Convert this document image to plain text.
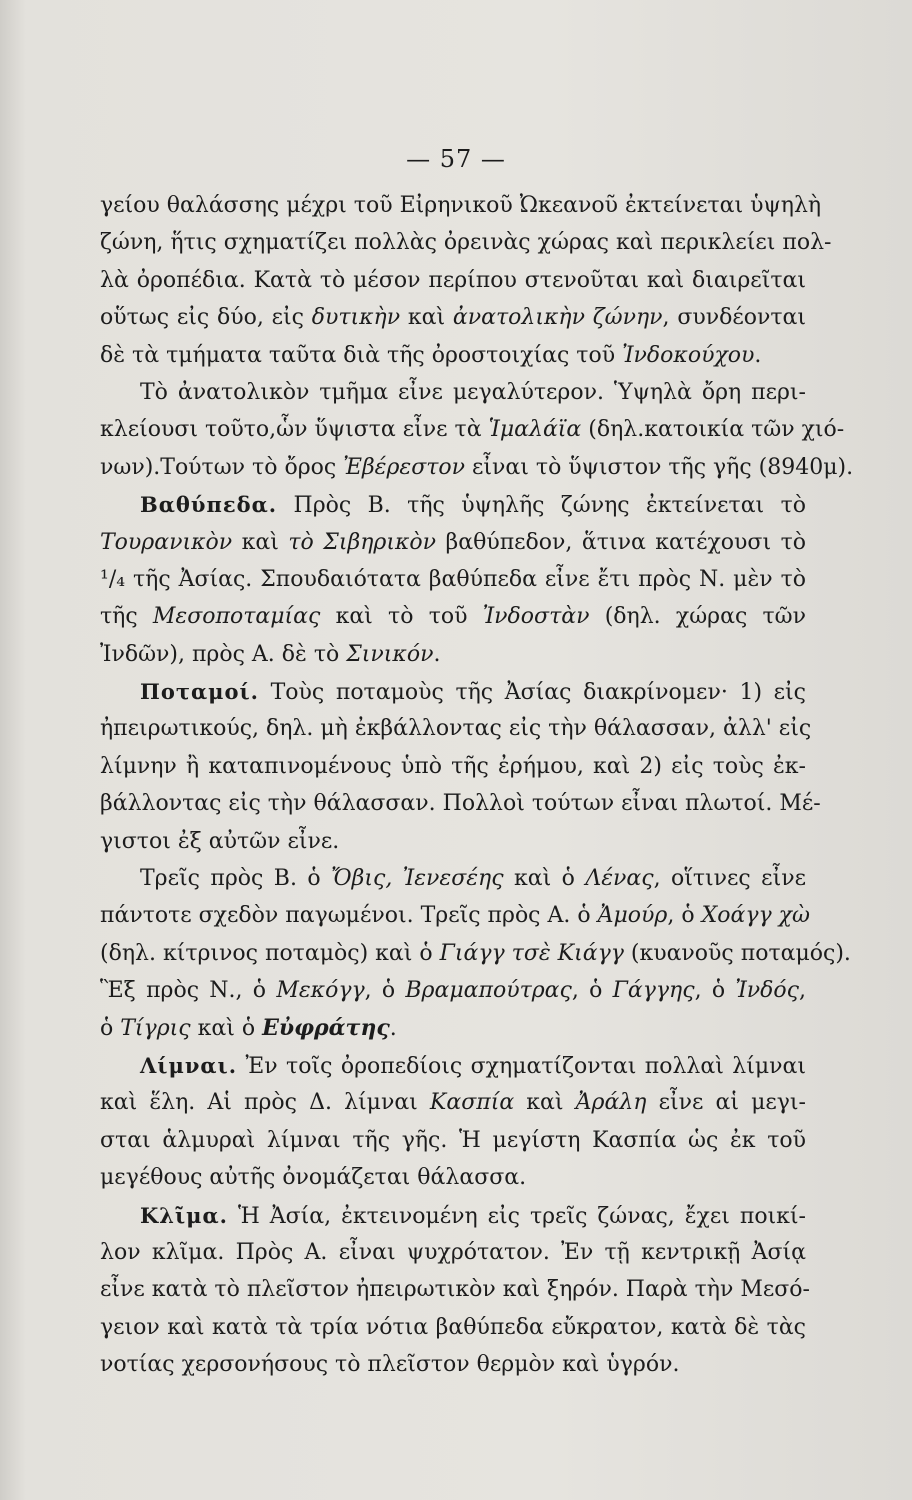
— 57 —
γείου θαλάσσης μέχρι τοῦ Εἰρηνικοῦ Ὠκεανοῦ ἐκτείνεται ὑψηλὴ
ζώνη, ἥτις σχηματίζει πολλὰς ὀρεινὰς χώρας καὶ περικλείει πολ-
λὰ ὀροπέδια. Κατὰ τὸ μέσον περίπου στενοῦται καὶ διαιρεῖται
οὕτως εἰς δύο, εἰς δυτικὴν καὶ ἀνατολικὴν ζώνην, συνδέονται
δὲ τὰ τμήματα ταῦτα διὰ τῆς ὀροστοιχίας τοῦ Ἰνδοκούχου.
Τὸ ἀνατολικὸν τμῆμα εἶνε μεγαλύτερον. Ὑψηλὰ ὄρη περι-
κλείουσι τοῦτο,ὧν ὕψιστα εἶνε τὰ Ἱμαλάϊα (δηλ.κατοικία τῶν χιό-
νων).Τούτων τὸ ὄρος Ἐβέρεστον εἶναι τὸ ὕψιστον τῆς γῆς (8940μ).
Βαθύπεδα. Πρὸς Β. τῆς ὑψηλῆς ζώνης ἐκτείνεται τὸ
Τουρανικὸν καὶ τὸ Σιβηρικὸν βαθύπεδον, ἅτινα κατέχουσι τὸ
¹/₄ τῆς Ἀσίας. Σπουδαιότατα βαθύπεδα εἶνε ἔτι πρὸς Ν. μὲν τὸ
τῆς Μεσοποταμίας καὶ τὸ τοῦ Ἰνδοστὰν (δηλ. χώρας τῶν
Ἰνδῶν), πρὸς Α. δὲ τὸ Σινικόν.
Ποταμοί. Τοὺς ποταμοὺς τῆς Ἀσίας διακρίνομεν· 1) εἰς
ἠπειρωτικούς, δηλ. μὴ ἐκβάλλοντας εἰς τὴν θάλασσαν, ἀλλ' εἰς
λίμνην ἢ καταπινομένους ὑπὸ τῆς ἐρήμου, καὶ 2) εἰς τοὺς ἐκ-
βάλλοντας εἰς τὴν θάλασσαν. Πολλοὶ τούτων εἶναι πλωτοί. Μέ-
γιστοι ἐξ αὐτῶν εἶνε.
Τρεῖς πρὸς Β. ὁ Ὄβις, Ἰενεσέης καὶ ὁ Λένας, οἵτινες εἶνε
πάντοτε σχεδὸν παγωμένοι. Τρεῖς πρὸς Α. ὁ Ἀμούρ, ὁ Χοάγγ χὼ
(δηλ. κίτρινος ποταμὸς) καὶ ὁ Γιάγγ τσὲ Κιάγγ (κυανοῦς ποταμός).
Ἓξ πρὸς Ν., ὁ Μεκόγγ, ὁ Βραμαπούτρας, ὁ Γάγγης, ὁ Ἰνδός,
ὁ Τίγρις καὶ ὁ Εὐφράτης.
Λίμναι. Ἐν τοῖς ὀροπεδίοις σχηματίζονται πολλαὶ λίμναι
καὶ ἕλη. Αἱ πρὸς Δ. λίμναι Κασπία καὶ Ἀράλη εἶνε αἱ μεγι-
σται ἁλμυραὶ λίμναι τῆς γῆς. Ἡ μεγίστη Κασπία ὡς ἐκ τοῦ
μεγέθους αὐτῆς ὀνομάζεται θάλασσα.
Κλῖμα. Ἡ Ἀσία, ἐκτεινομένη εἰς τρεῖς ζώνας, ἔχει ποικί-
λον κλῖμα. Πρὸς Α. εἶναι ψυχρότατον. Ἐν τῇ κεντρικῇ Ἀσίᾳ
εἶνε κατὰ τὸ πλεῖστον ἠπειρωτικὸν καὶ ξηρόν. Παρὰ τὴν Μεσό-
γειον καὶ κατὰ τὰ τρία νότια βαθύπεδα εὔκρατον, κατὰ δὲ τὰς
νοτίας χερσονήσους τὸ πλεῖστον θερμὸν καὶ ὑγρόν.
